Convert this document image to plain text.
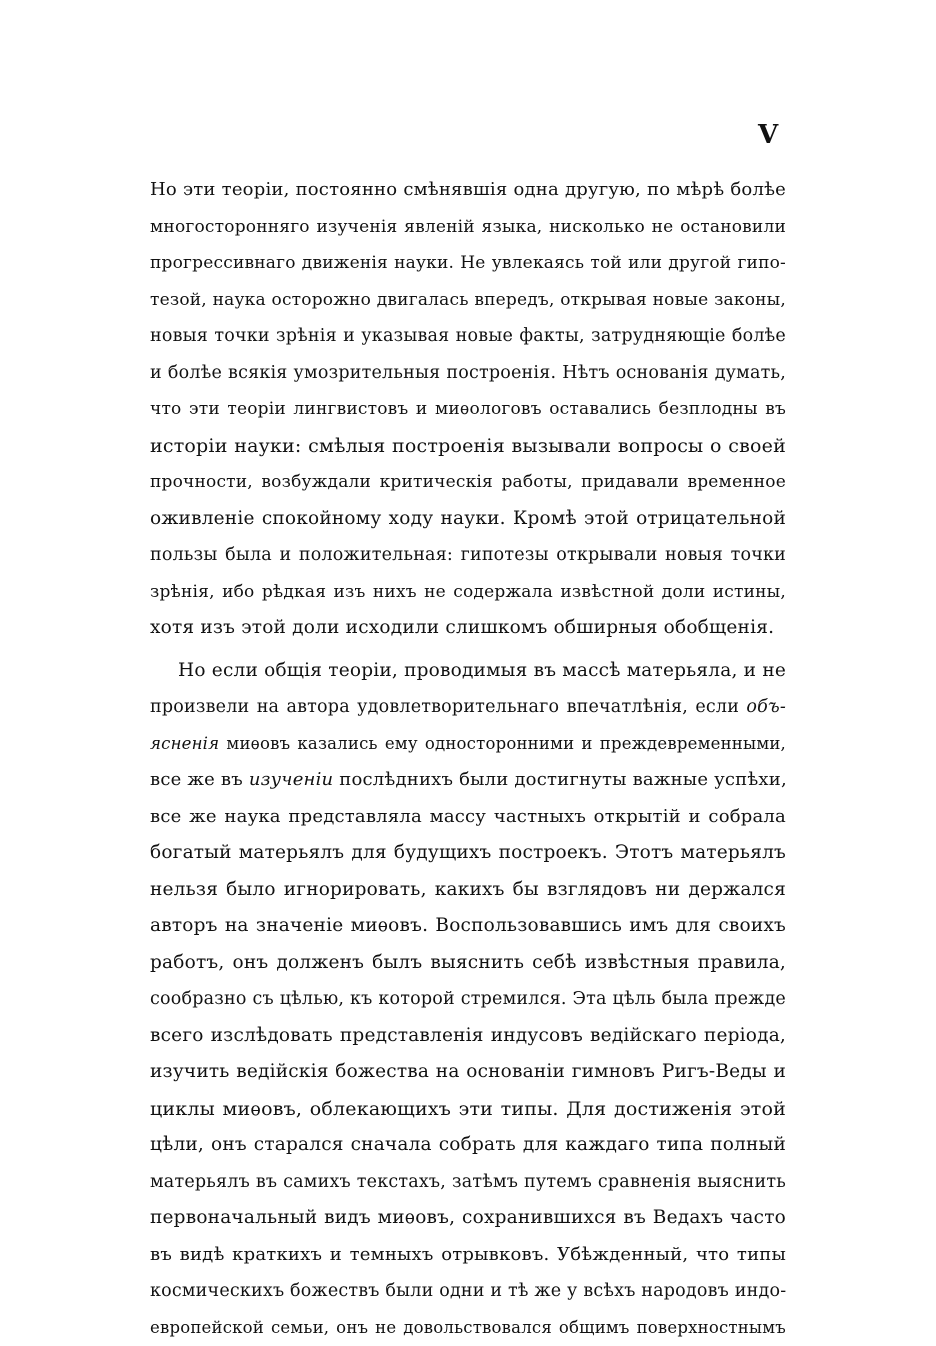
V
Но эти теоріи, постоянно смѣнявшія одна другую, по мѣрѣ болѣе
многосторонняго изученія явленій языка, нисколько не остановили
прогрессивнаго движенія науки. Не увлекаясь той или другой гипо-
тезой, наука осторожно двигалась впередъ, открывая новые законы,
новыя точки зрѣнія и указывая новые факты, затрудняющіе болѣе
и болѣе всякія умозрительныя построенія. Нѣтъ основанія думать,
что эти теоріи лингвистовъ и миѳологовъ оставались безплодны въ
исторіи науки: смѣлыя построенія вызывали вопросы о своей
прочности, возбуждали критическія работы, придавали временное
оживленіе спокойному ходу науки. Кромѣ этой отрицательной
пользы была и положительная: гипотезы открывали новыя точки
зрѣнія, ибо рѣдкая изъ нихъ не содержала извѣстной доли истины,
хотя изъ этой доли исходили слишкомъ обширныя обобщенія.
Но если общія теоріи, проводимыя въ массѣ матерьяла, и не
произвели на автора удовлетворительнаго впечатлѣнія, если объ-
ясненія миѳовъ казались ему односторонними и преждевременными,
все же въ изученіи послѣднихъ были достигнуты важные успѣхи,
все же наука представляла массу частныхъ открытій и собрала
богатый матерьялъ для будущихъ построекъ. Этотъ матерьялъ
нельзя было игнорировать, какихъ бы взглядовъ ни держался
авторъ на значеніе миѳовъ. Воспользовавшись имъ для своихъ
работъ, онъ долженъ былъ выяснить себѣ извѣстныя правила,
сообразно съ цѣлью, къ которой стремился. Эта цѣль была прежде
всего изслѣдовать представленія индусовъ ведійскаго періода,
изучить ведійскія божества на основаніи гимновъ Ригъ-Веды и
циклы миѳовъ, облекающихъ эти типы. Для достиженія этой
цѣли, онъ старался сначала собрать для каждаго типа полный
матерьялъ въ самихъ текстахъ, затѣмъ путемъ сравненія выяснить
первоначальный видъ миѳовъ, сохранившихся въ Ведахъ часто
въ видѣ краткихъ и темныхъ отрывковъ. Убѣжденный, что типы
космическихъ божествъ были одни и тѣ же у всѣхъ народовъ индо-
европейской семьи, онъ не довольствовался общимъ поверхностнымъ
